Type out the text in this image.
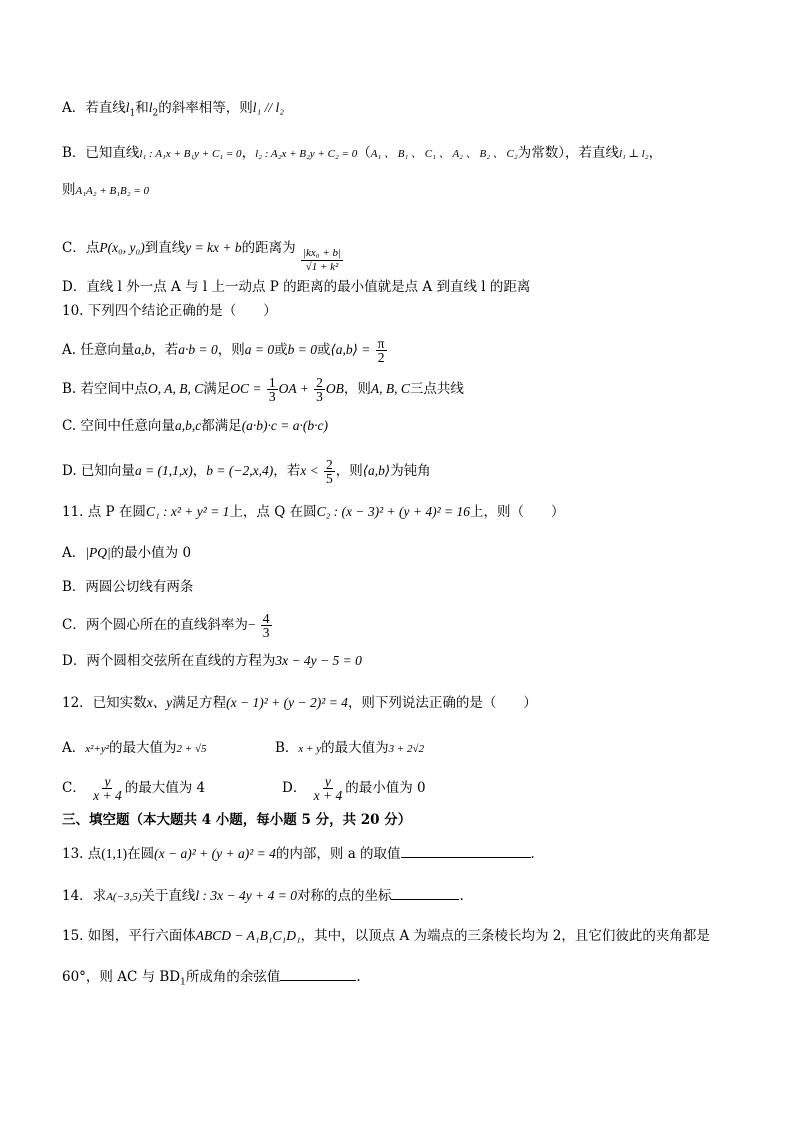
A．若直线$l_1$和$l_2$的斜率相等，则l₁ // l₂
B．已知直线l₁ : A₁x + B₁y + C₁ = 0，l₂ : A₂x + B₂y + C₂ = 0（A₁ 、 B₁ 、 C₁ 、 A₂ 、 B₂ 、 C₂为常数），若直线l₁ ⊥ l₂，
则A₁A₂ + B₁B₂ = 0
C．点P(x₀, y₀)到直线y = kx + b的距离为 $\frac{\text{|kx₀ + b|}}{\text{√1 + k²}}$
D．直线 l 外一点 A 与 l 上一动点 P 的距离的最小值就是点 A 到直线 l 的距离
10. 下列四个结论正确的是（　　）
A. 任意向量a,b，若a·b = 0，则a = 0或b = 0或⟨a,b⟩ = $\frac{\pi}{2}$
B. 若空间中点O, A, B, C满足OC = $\frac{1}{3}$ OA + $\frac{2}{3}$ OB，则A, B, C三点共线
C. 空间中任意向量a,b,c都满足(a·b)·c = a·(b·c)
D. 已知向量a = (1,1,x)，b = (−2,x,4)，若$x < \frac{2}{5}$ ，则⟨a,b⟩为钝角
11. 点 P 在圆C₁ : x² + y² = 1上，点 Q 在圆C₂ : (x − 3)² + (y + 4)² = 16上，则（　　）
A．|PQ|的最小值为 0
B．两圆公切线有两条
C．两个圆心所在的直线斜率为− $\frac{4}{3}$
D．两个圆相交弦所在直线的方程为3x − 4y − 5 = 0
12．已知实数x、y满足方程(x − 1)² + (y − 2)² = 4，则下列说法正确的是（　　）
A．x²+y²的最大值为2 + √5	B．x + y的最大值为3 + 2√2
C． $\frac{y}{x + 4}$ 的最大值为 4	D． $\frac{y}{x + 4}$ 的最小值为 0
三、填空题（本大题共 4 小题，每小题 5 分，共 20 分）
13. 点(1,1)在圆(x − a)² + (y + a)² = 4的内部，则 a 的取值	.
14．求A(−3,5)关于直线l : 3x − 4y + 4 = 0对称的点的坐标	.
15. 如图，平行六面体ABCD − A₁B₁C₁D₁，其中，以顶点 A 为端点的三条棱长均为 2，且它们彼此的夹角都是
60°，则 AC 与 $BD_1$所成角的余弦值	.
